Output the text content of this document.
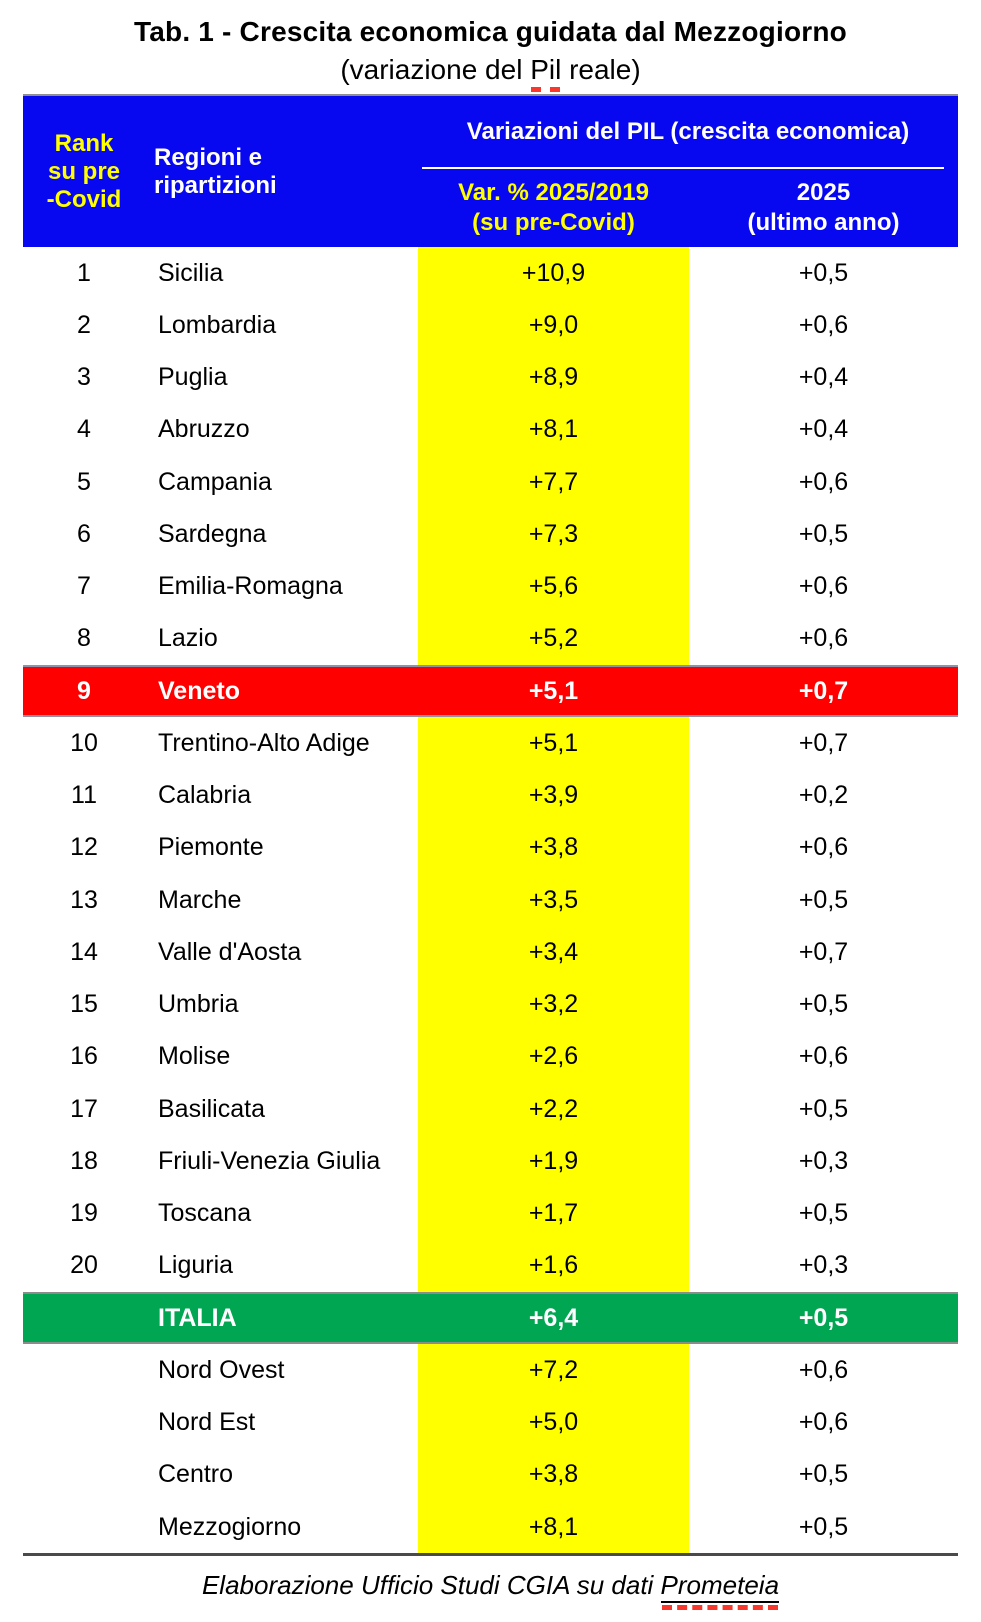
Tab. 1 - Crescita economica guidata dal Mezzogiorno
(variazione del Pil reale)
Rank
su pre
-Covid
Regioni e
ripartizioni
Variazioni del PIL (crescita economica)
Var. % 2025/2019
(su pre-Covid)
2025
(ultimo anno)
1	Sicilia	+10,9	+0,5
2	Lombardia	+9,0	+0,6
3	Puglia	+8,9	+0,4
4	Abruzzo	+8,1	+0,4
5	Campania	+7,7	+0,6
6	Sardegna	+7,3	+0,5
7	Emilia-Romagna	+5,6	+0,6
8	Lazio	+5,2	+0,6
9	Veneto	+5,1	+0,7
10	Trentino-Alto Adige	+5,1	+0,7
11	Calabria	+3,9	+0,2
12	Piemonte	+3,8	+0,6
13	Marche	+3,5	+0,5
14	Valle d'Aosta	+3,4	+0,7
15	Umbria	+3,2	+0,5
16	Molise	+2,6	+0,6
17	Basilicata	+2,2	+0,5
18	Friuli-Venezia Giulia	+1,9	+0,3
19	Toscana	+1,7	+0,5
20	Liguria	+1,6	+0,3
ITALIA	+6,4	+0,5
Nord Ovest	+7,2	+0,6
Nord Est	+5,0	+0,6
Centro	+3,8	+0,5
Mezzogiorno	+8,1	+0,5
Elaborazione Ufficio Studi CGIA su dati Prometeia
